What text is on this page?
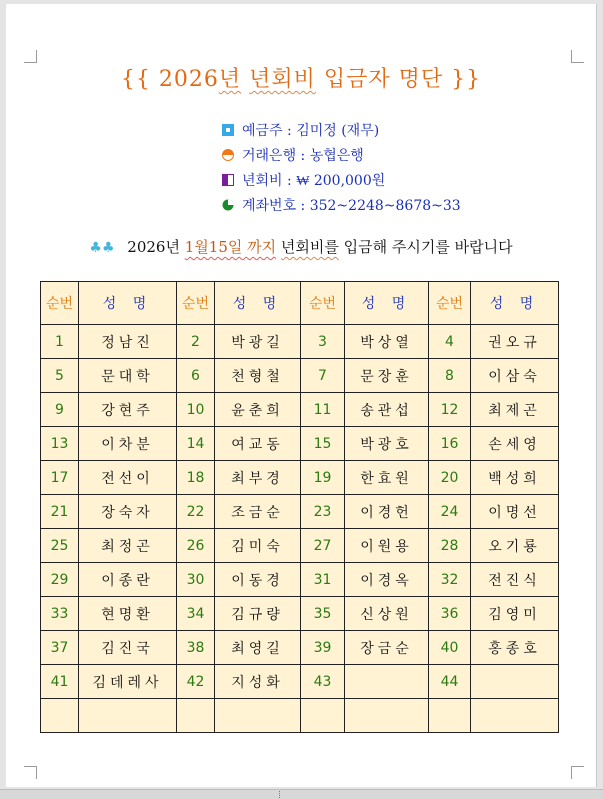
{{ 2026년 년회비 입금자 명단 }}
예금주 : 김미정 (재무)
거래은행 : 농협은행
년회비 : ₩ 200,000원
계좌번호 : 352~2248~8678~33
♣♣ 2026년 1월15일 까지 년회비를 입금해 주시기를 바랍니다
순번	성 명	순번	성 명	순번	성 명	순번	성 명
1	정남진	2	박광길	3	박상열	4	권오규
5	문대학	6	천형철	7	문장훈	8	이삼숙
9	강현주	10	윤춘희	11	송관섭	12	최제곤
13	이차분	14	여교동	15	박광호	16	손세영
17	전선이	18	최부경	19	한효원	20	백성희
21	장숙자	22	조금순	23	이경헌	24	이명선
25	최정곤	26	김미숙	27	이원용	28	오기룡
29	이종란	30	이동경	31	이경옥	32	전진식
33	현명환	34	김규량	35	신상원	36	김영미
37	김진국	38	최영길	39	장금순	40	홍종호
41	김데레사	42	지성화	43		44	
